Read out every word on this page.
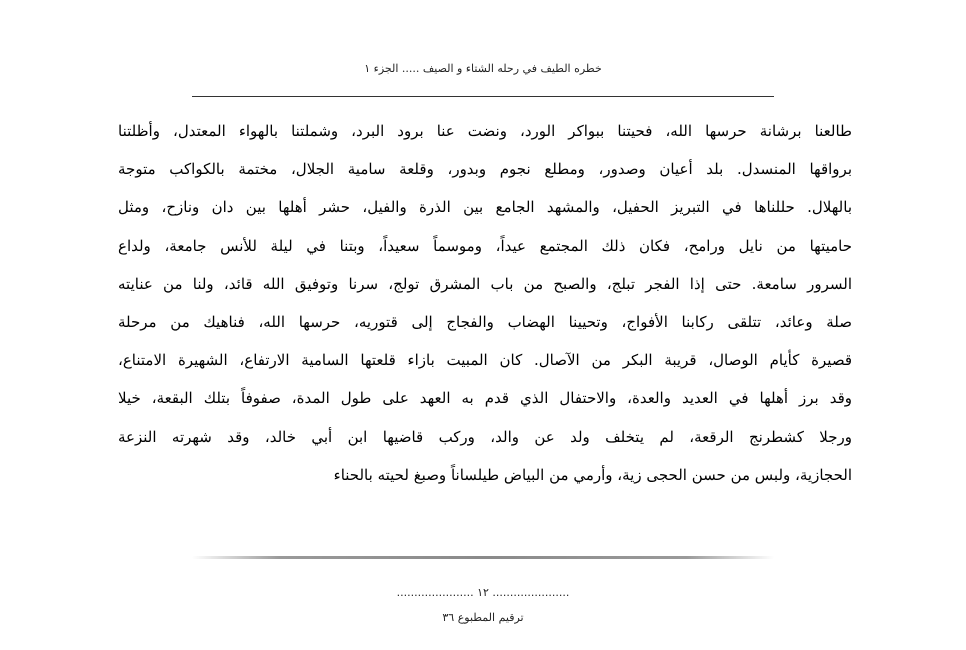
خطره الطيف في رحله الشتاء و الصيف ..... الجزء ١
طالعنا برشانة حرسها الله، فحيتنا ببواكر الورد، ونضت عنا برود البرد، وشملتنا بالهواء المعتدل، وأظلتنا
برواقها المنسدل. بلد أعيان وصدور، ومطلع نجوم وبدور، وقلعة سامية الجلال، مختمة بالكواكب متوجة
بالهلال. حللناها في التبريز الحفيل، والمشهد الجامع بين الذرة والفيل، حشر أهلها بين دان ونازح، ومثل
حاميتها من نايل ورامح، فكان ذلك المجتمع عيداً، وموسماً سعيداً، وبتنا في ليلة للأنس جامعة، ولداع
السرور سامعة. حتى إذا الفجر تبلج، والصبح من باب المشرق تولج، سرنا وتوفيق الله قائد، ولنا من عنايته
صلة وعائد، تتلقى ركابنا الأفواج، وتحيينا الهضاب والفجاج إلى قتوريه، حرسها الله، فناهيك من مرحلة
قصيرة كأيام الوصال، قريبة البكر من الآصال. كان المبيت بازاء قلعتها السامية الارتفاع، الشهيرة الامتناع،
وقد برز أهلها في العديد والعدة، والاحتفال الذي قدم به العهد على طول المدة، صفوفاً بتلك البقعة، خيلا
ورجلا كشطرنج الرقعة، لم يتخلف ولد عن والد، وركب قاضيها ابن أبي خالد، وقد شهرته النزعة
الحجازية، ولبس من حسن الحجى زية، وأرمي من البياض طيلساناً وصبغ لحيته بالحناء
...................... ١٢ ......................
ترقيم المطبوع ٣٦
